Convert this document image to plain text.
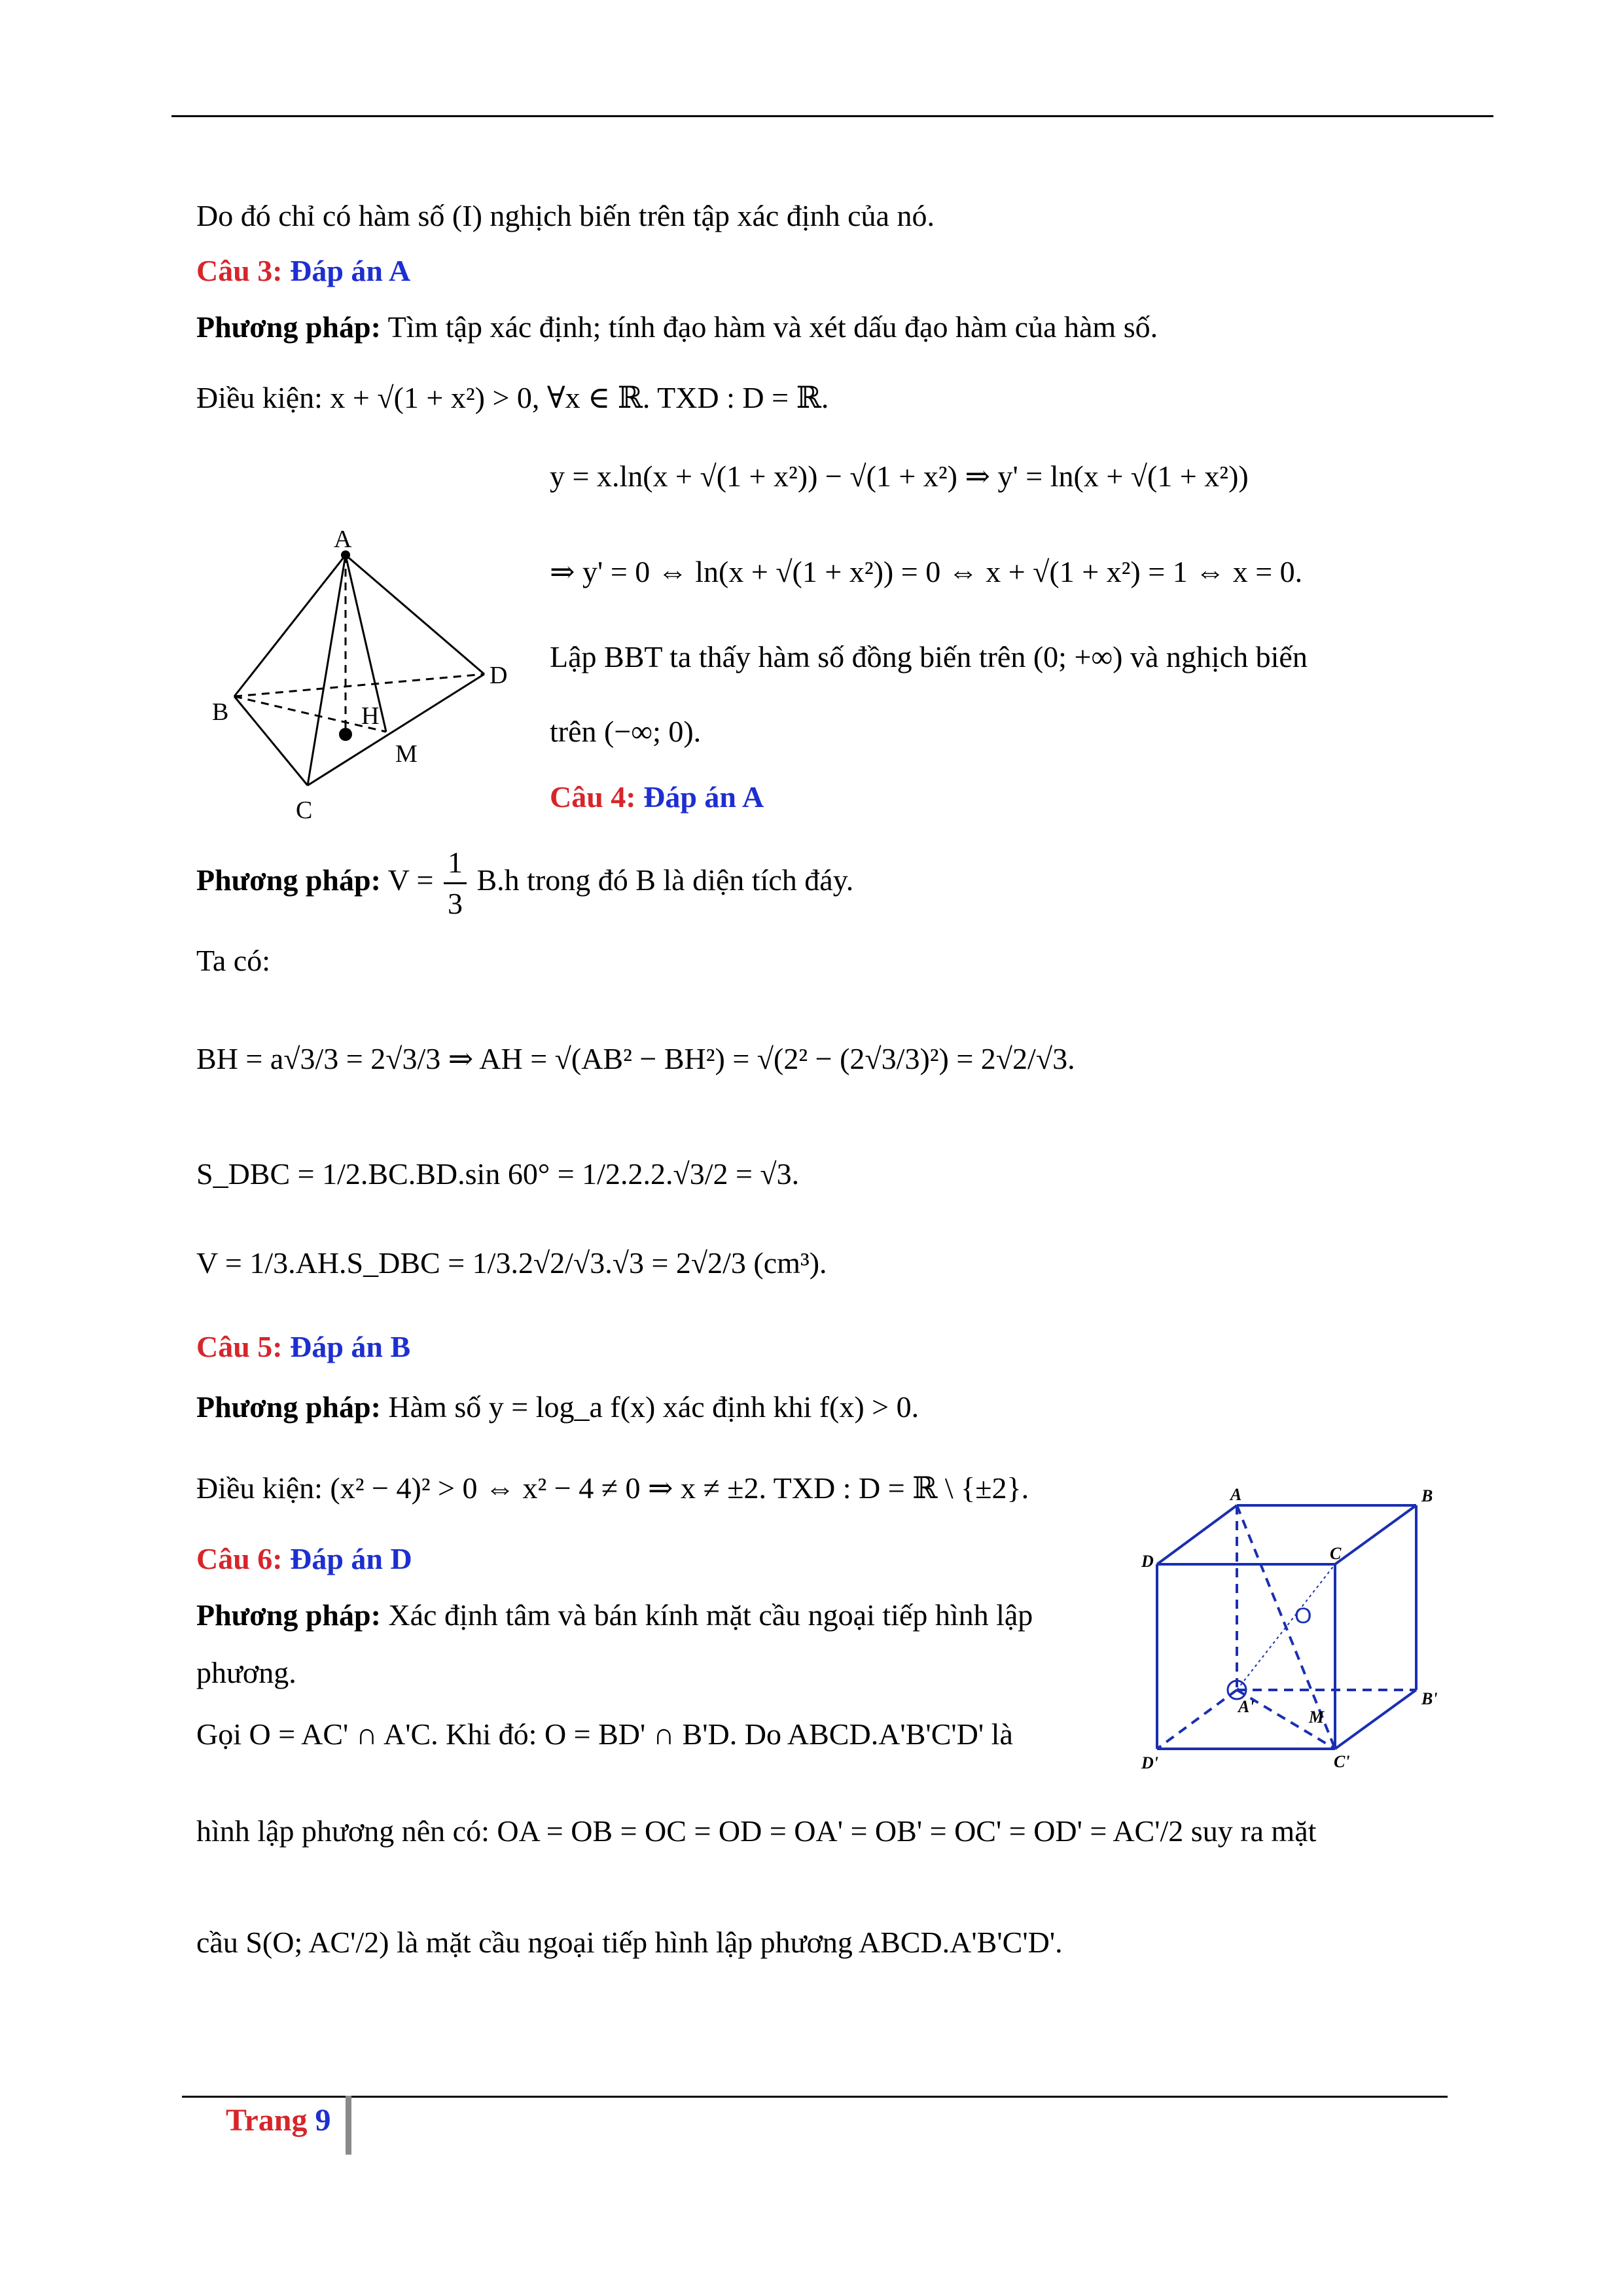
Do đó chỉ có hàm số (I) nghịch biến trên tập xác định của nó.
Câu 3: Đáp án A
Phương pháp: Tìm tập xác định; tính đạo hàm và xét dấu đạo hàm của hàm số.
Điều kiện: x + √(1 + x²) > 0, ∀x ∈ ℝ. TXD : D = ℝ.
y = x.ln(x + √(1 + x²)) − √(1 + x²) ⇒ y' = ln(x + √(1 + x²))
⇒ y' = 0 ⇔ ln(x + √(1 + x²)) = 0 ⇔ x + √(1 + x²) = 1 ⇔ x = 0.
Lập BBT ta thấy hàm số đồng biến trên (0; +∞) và nghịch biến
trên (−∞; 0).
A
B
C
D
H
M
Câu 4: Đáp án A
Phương pháp: $V = \frac{1}{3} B.h$ trong đó B là diện tích đáy.
Ta có:
BH = a√3/3 = 2√3/3 ⇒ AH = √(AB² − BH²) = √(2² − (2√3/3)²) = 2√2/√3.
S_DBC = 1/2.BC.BD.sin 60° = 1/2.2.2.√3/2 = √3.
V = 1/3.AH.S_DBC = 1/3.2√2/√3.√3 = 2√2/3 (cm³).
Câu 5: Đáp án B
Phương pháp: Hàm số y = log_a f(x) xác định khi f(x) > 0.
Điều kiện: (x² − 4)² > 0 ⇔ x² − 4 ≠ 0 ⇒ x ≠ ±2. TXD : D = ℝ \ {±2}.
Câu 6: Đáp án D
Phương pháp: Xác định tâm và bán kính mặt cầu ngoại tiếp hình lập
phương.
Gọi O = AC' ∩ A'C. Khi đó: O = BD' ∩ B'D. Do ABCD.A'B'C'D' là
hình lập phương nên có: OA = OB = OC = OD = OA' = OB' = OC' = OD' = AC'/2 suy ra mặt
cầu S(O; AC'/2) là mặt cầu ngoại tiếp hình lập phương ABCD.A'B'C'D'.
M
O
A	B
C
D
A'	B'
C'
D'
Trang 9
